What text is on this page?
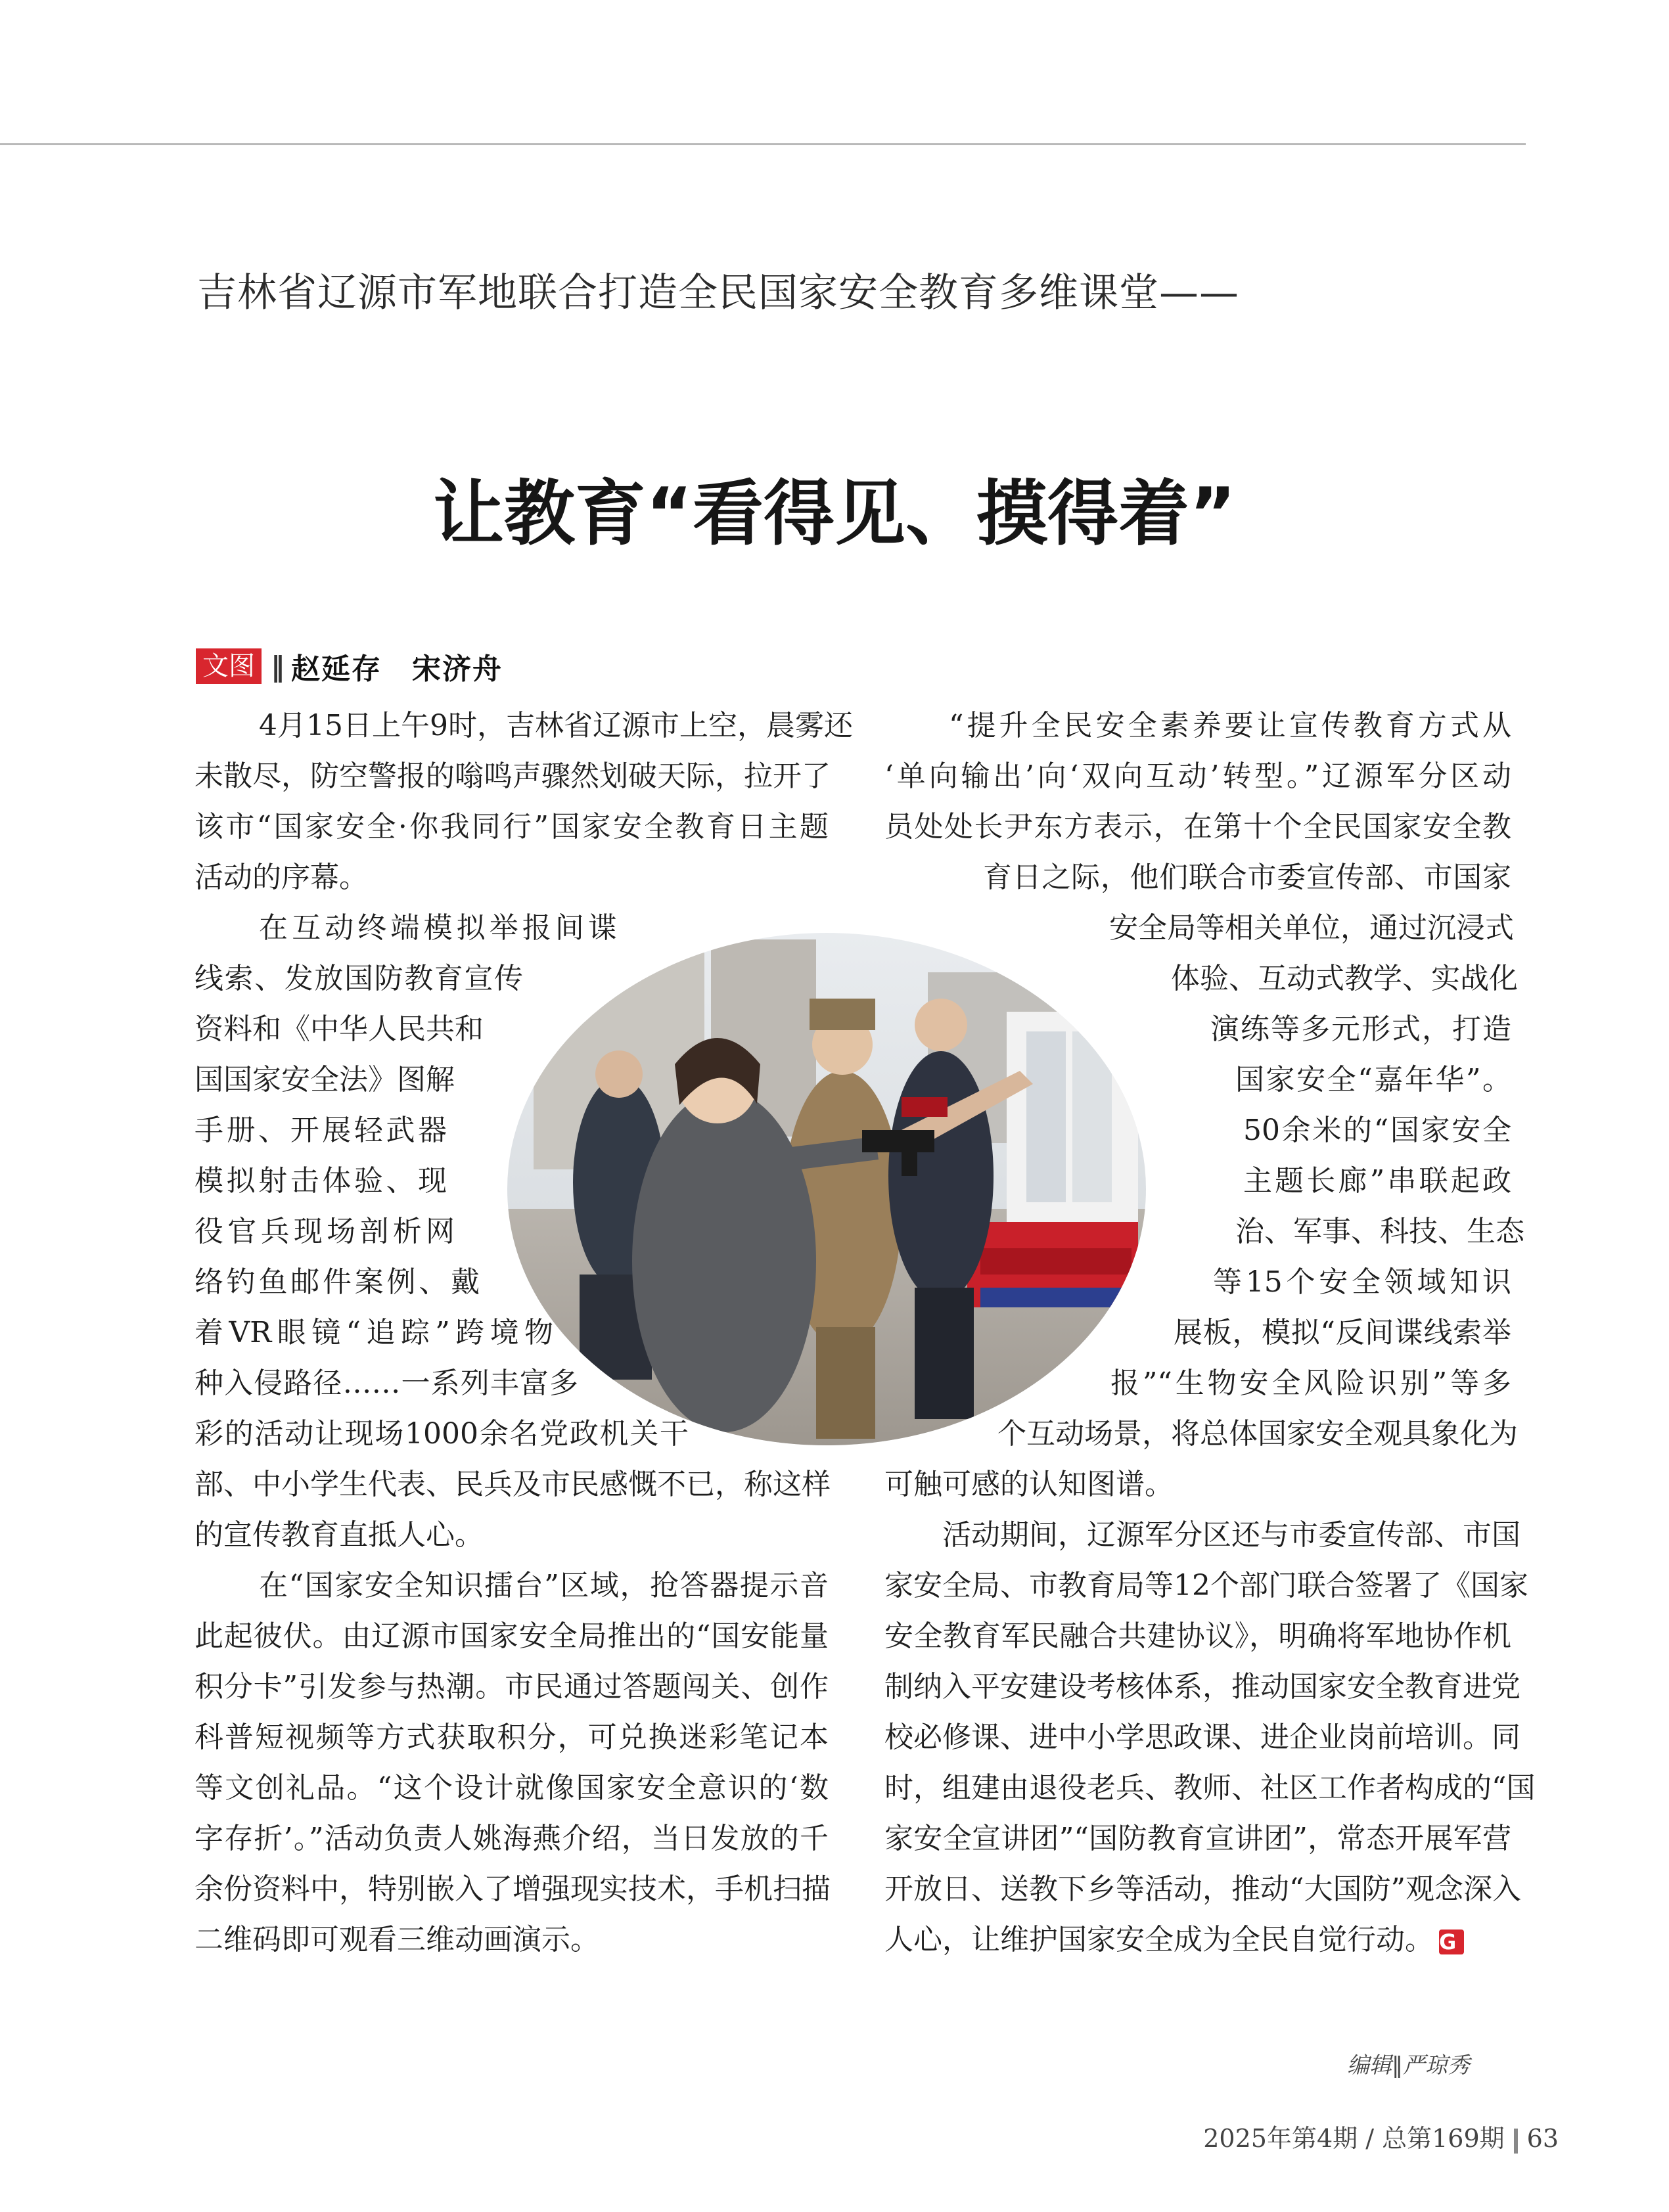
吉林省辽源市军地联合打造全民国家安全教育多维课堂——
让教育“看得见、摸得着”
文图 ‖ 赵延存　宋济舟
4月15日上午9时，吉林省辽源市上空，晨雾还
未散尽，防空警报的嗡鸣声骤然划破天际，拉开了
该市“国家安全·你我同行”国家安全教育日主题
活动的序幕。
在互动终端模拟举报间谍
线索、发放国防教育宣传
资料和《中华人民共和
国国家安全法》图解
手册、开展轻武器
模拟射击体验、现
役官兵现场剖析网
络钓鱼邮件案例、戴
着VR眼镜“追踪”跨境物
种入侵路径……一系列丰富多
彩的活动让现场1000余名党政机关干
部、中小学生代表、民兵及市民感慨不已，称这样
的宣传教育直抵人心。
在“国家安全知识擂台”区域，抢答器提示音
此起彼伏。由辽源市国家安全局推出的“国安能量
积分卡”引发参与热潮。市民通过答题闯关、创作
科普短视频等方式获取积分，可兑换迷彩笔记本
等文创礼品。“这个设计就像国家安全意识的‘数
字存折’。”活动负责人姚海燕介绍，当日发放的千
余份资料中，特别嵌入了增强现实技术，手机扫描
二维码即可观看三维动画演示。
“提升全民安全素养要让宣传教育方式从
‘单向输出’向‘双向互动’转型。”辽源军分区动
员处处长尹东方表示，在第十个全民国家安全教
育日之际，他们联合市委宣传部、市国家
安全局等相关单位，通过沉浸式
体验、互动式教学、实战化
演练等多元形式，打造
国家安全“嘉年华”。
50余米的“国家安全
主题长廊”串联起政
治、军事、科技、生态
等15个安全领域知识
展板，模拟“反间谍线索举
报”“生物安全风险识别”等多
个互动场景，将总体国家安全观具象化为
可触可感的认知图谱。
活动期间，辽源军分区还与市委宣传部、市国
家安全局、市教育局等12个部门联合签署了《国家
安全教育军民融合共建协议》，明确将军地协作机
制纳入平安建设考核体系，推动国家安全教育进党
校必修课、进中小学思政课、进企业岗前培训。同
时，组建由退役老兵、教师、社区工作者构成的“国
家安全宣讲团”“国防教育宣讲团”，常态开展军营
开放日、送教下乡等活动，推动“大国防”观念深入
人心，让维护国家安全成为全民自觉行动。 G
编辑‖严琼秀
2025年第4期 / 总第169期 63
